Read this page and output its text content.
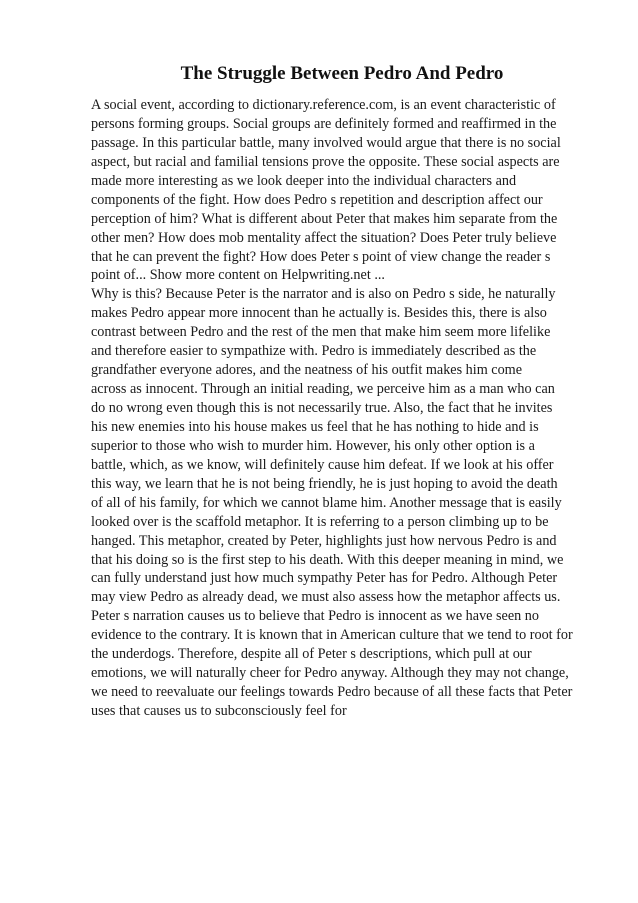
The Struggle Between Pedro And Pedro
A social event, according to dictionary.reference.com, is an event characteristic of
persons forming groups. Social groups are definitely formed and reaffirmed in the
passage. In this particular battle, many involved would argue that there is no social
aspect, but racial and familial tensions prove the opposite. These social aspects are
made more interesting as we look deeper into the individual characters and
components of the fight. How does Pedro s repetition and description affect our
perception of him? What is different about Peter that makes him separate from the
other men? How does mob mentality affect the situation? Does Peter truly believe
that he can prevent the fight? How does Peter s point of view change the reader s
point of... Show more content on Helpwriting.net ...
Why is this? Because Peter is the narrator and is also on Pedro s side, he naturally
makes Pedro appear more innocent than he actually is. Besides this, there is also
contrast between Pedro and the rest of the men that make him seem more lifelike
and therefore easier to sympathize with. Pedro is immediately described as the
grandfather everyone adores, and the neatness of his outfit makes him come
across as innocent. Through an initial reading, we perceive him as a man who can
do no wrong even though this is not necessarily true. Also, the fact that he invites
his new enemies into his house makes us feel that he has nothing to hide and is
superior to those who wish to murder him. However, his only other option is a
battle, which, as we know, will definitely cause him defeat. If we look at his offer
this way, we learn that he is not being friendly, he is just hoping to avoid the death
of all of his family, for which we cannot blame him. Another message that is easily
looked over is the scaffold metaphor. It is referring to a person climbing up to be
hanged. This metaphor, created by Peter, highlights just how nervous Pedro is and
that his doing so is the first step to his death. With this deeper meaning in mind, we
can fully understand just how much sympathy Peter has for Pedro. Although Peter
may view Pedro as already dead, we must also assess how the metaphor affects us.
Peter s narration causes us to believe that Pedro is innocent as we have seen no
evidence to the contrary. It is known that in American culture that we tend to root for
the underdogs. Therefore, despite all of Peter s descriptions, which pull at our
emotions, we will naturally cheer for Pedro anyway. Although they may not change,
we need to reevaluate our feelings towards Pedro because of all these facts that Peter
uses that causes us to subconsciously feel for
